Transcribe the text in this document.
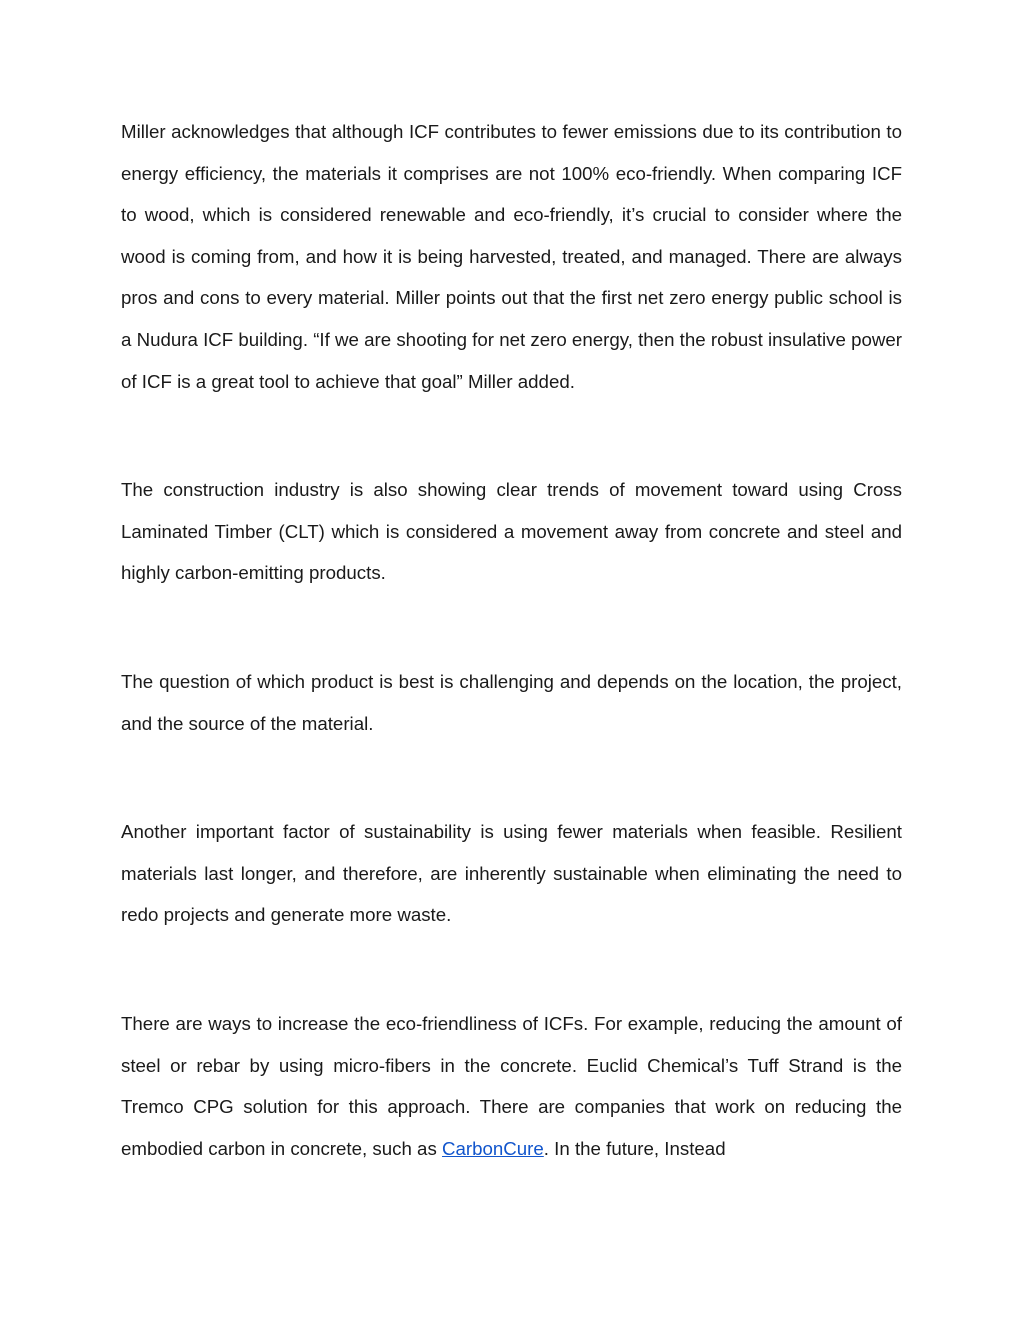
Miller acknowledges that although ICF contributes to fewer emissions due to its contribution to energy efficiency, the materials it comprises are not 100% eco-friendly. When comparing ICF to wood, which is considered renewable and eco-friendly, it’s crucial to consider where the wood is coming from, and how it is being harvested, treated, and managed. There are always pros and cons to every material. Miller points out that the first net zero energy public school is a Nudura ICF building. “If we are shooting for net zero energy, then the robust insulative power of ICF is a great tool to achieve that goal” Miller added.

The construction industry is also showing clear trends of movement toward using Cross Laminated Timber (CLT) which is considered a movement away from concrete and steel and highly carbon-emitting products.

The question of which product is best is challenging and depends on the location, the project, and the source of the material.

Another important factor of sustainability is using fewer materials when feasible. Resilient materials last longer, and therefore, are inherently sustainable when eliminating the need to redo projects and generate more waste.

There are ways to increase the eco-friendliness of ICFs. For example, reducing the amount of steel or rebar by using micro-fibers in the concrete. Euclid Chemical’s Tuff Strand is the Tremco CPG solution for this approach. There are companies that work on reducing the embodied carbon in concrete, such as CarbonCure. In the future, Instead
